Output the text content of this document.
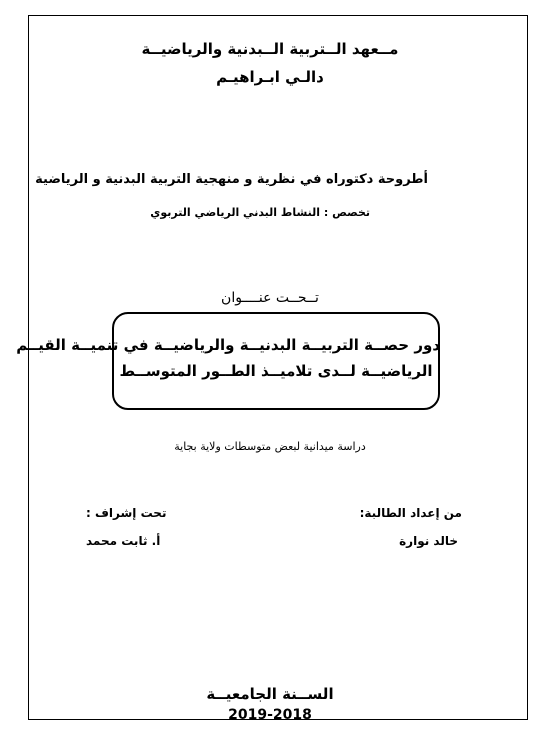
مــعهد الــتربية الــبدنية والرياضيــة
دالـي ابـراهيـم
أطروحة دكتوراه في نظرية و منهجية التربية البدنية و الرياضية
تخصص : النشاط البدني الرياضي التربوي
تــحــت عنــــوان
دور حصــة التربيــة البدنيــة والرياضيــة في تنميــة القيــم
الرياضيــة لــدى تلاميــذ الطــور المتوســط
دراسة ميدانية لبعض متوسطات ولاية بجاية
من إعداد الطالبة:
خالد نوارة
تحت إشراف :
أ. ثابت محمد
الســنة الجامعيــة
2019-2018
